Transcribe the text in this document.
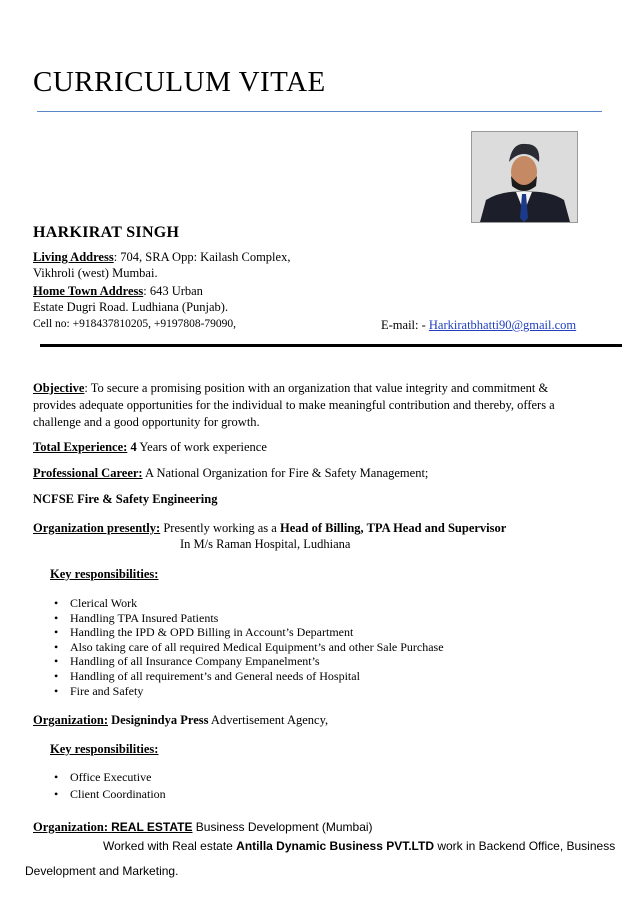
CURRICULUM VITAE
HARKIRAT SINGH
Living Address: 704, SRA Opp: Kailash Complex,
Vikhroli (west) Mumbai.
Home Town Address: 643 Urban
Estate Dugri Road. Ludhiana (Punjab).
Cell no: +918437810205, +9197808-79090,	E-mail: - Harkiratbhatti90@gmail.com
Objective: To secure a promising position with an organization that value integrity and commitment & provides adequate opportunities for the individual to make meaningful contribution and thereby, offers a challenge and a good opportunity for growth.
Total Experience: 4 Years of work experience
Professional Career: A National Organization for Fire & Safety Management;
NCFSE Fire & Safety Engineering
Organization presently: Presently working as a Head of Billing, TPA Head and Supervisor
In M/s Raman Hospital, Ludhiana
Key responsibilities:
• Clerical Work
• Handling TPA Insured Patients
• Handling the IPD & OPD Billing in Account’s Department
• Also taking care of all required Medical Equipment’s and other Sale Purchase
• Handling of all Insurance Company Empanelment’s
• Handling of all requirement’s and General needs of Hospital
• Fire and Safety
Organization: Designindya Press Advertisement Agency,
Key responsibilities:
• Office Executive
• Client Coordination
Organization: REAL ESTATE Business Development (Mumbai)
Worked with Real estate Antilla Dynamic Business PVT.LTD work in Backend Office, Business
Development and Marketing.
